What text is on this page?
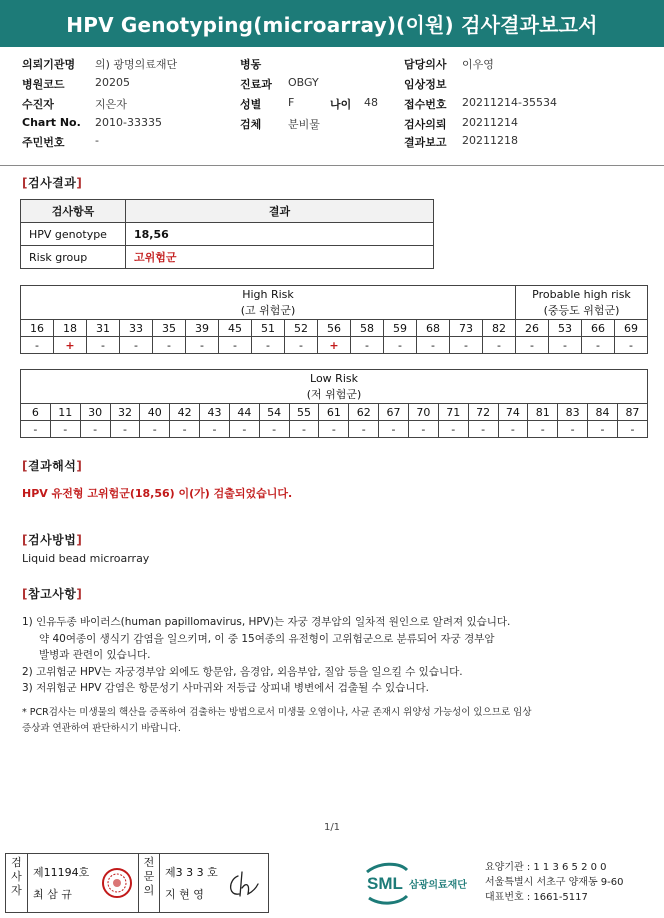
HPV Genotyping(microarray)(이원) 검사결과보고서
의뢰기관명 의) 광명의료재단
병원코드	20205
수진자	지은자
Chart No. 2010-33335
주민번호	-
병동
진료과 OBGY
성별 F	나이 48
검체 분비물
담당의사 이우영
임상정보
접수번호 20211214-35534
검사의뢰 20211214
결과보고 20211218
[검사결과]
검사항목	결과
HPV genotype	18,56
Risk group	고위험군
High Risk
(고 위험군)															Probable high risk
(중등도 위험군)			
16	18	31	33	35	39	45	51	52	56	58	59	68	73	82	26	53	66	69
-	+	-	-	-	-	-	-	-	+	-	-	-	-	-	-	-	-	-
Low Risk
(저 위험군)																				
6	11	30	32	40	42	43	44	54	55	61	62	67	70	71	72	74	81	83	84	87
-	-	-	-	-	-	-	-	-	-	-	-	-	-	-	-	-	-	-	-	-
[결과해석]
HPV 유전형 고위험군(18,56) 이(가) 검출되었습니다.
[검사방법]
Liquid bead microarray
[참고사항]
1) 인유두종 바이러스(human papillomavirus, HPV)는 자궁 경부암의 일차적 원인으로 알려져 있습니다.
약 40여종이 생식기 감염을 일으키며, 이 중 15여종의 유전형이 고위험군으로 분류되어 자궁 경부암
발병과 관련이 있습니다.
2) 고위험군 HPV는 자궁경부암 외에도 항문암, 음경암, 외음부암, 질암 등을 일으킬 수 있습니다.
3) 저위험군 HPV 감염은 항문성기 사마귀와 저등급 상피내 병변에서 검출될 수 있습니다.
* PCR검사는 미생물의 핵산을 증폭하여 검출하는 방법으로서 미생물 오염이나, 사균 존재시 위양성 가능성이 있으므로 임상
증상과 연관하여 판단하시기 바랍니다.
1/1
검
사
자
제11194호
최 삼 규
전
문
의
제3 3 3 호
지 현 영
SML 삼광의료재단
요양기관 : 1 1 3 6 5 2 0 0
서울특별시 서초구 양재동 9-60
대표번호 : 1661-5117
